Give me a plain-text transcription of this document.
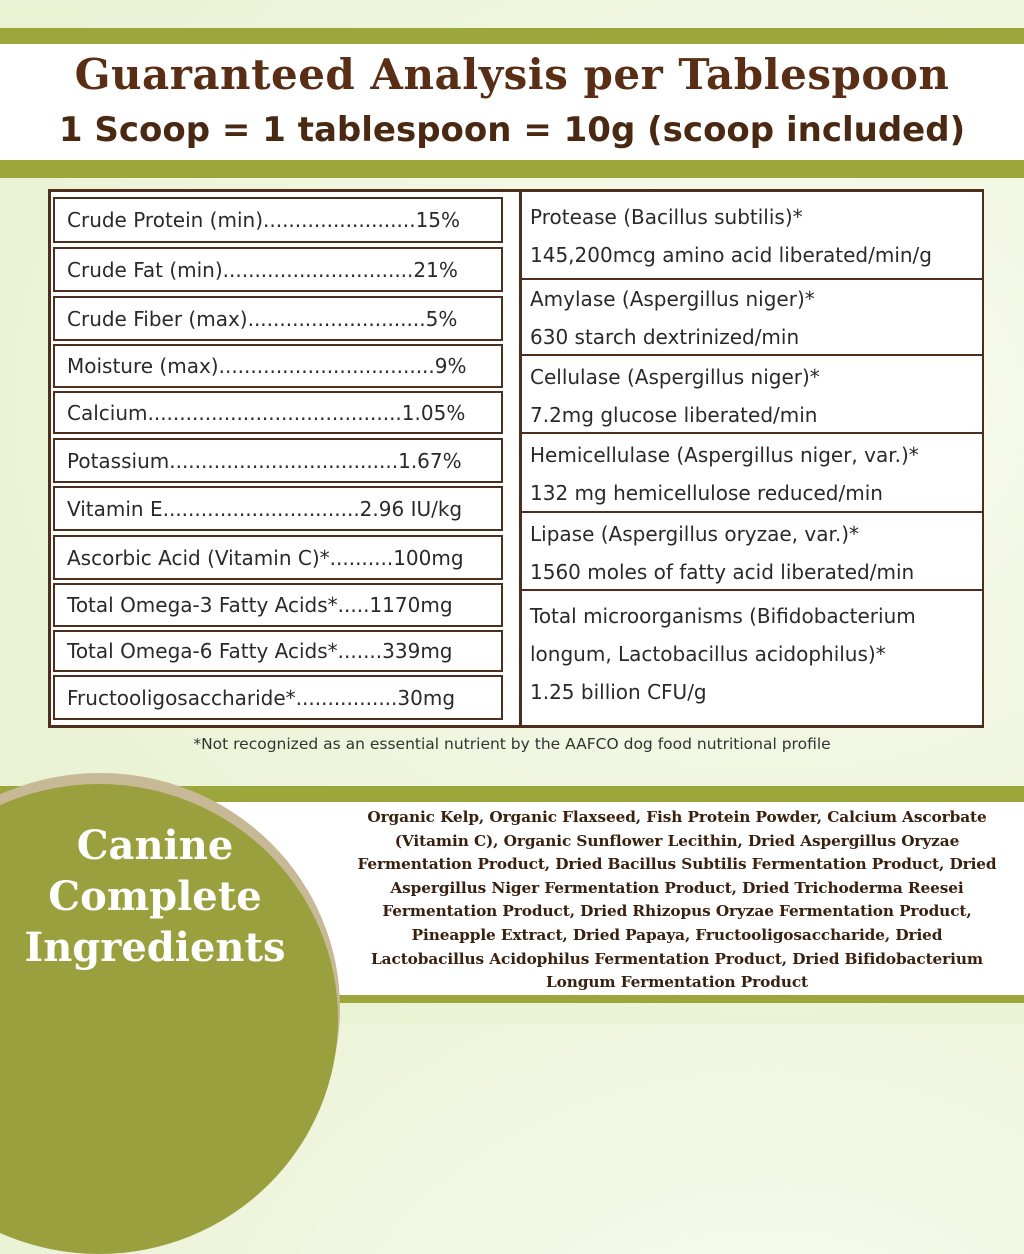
Guaranteed Analysis per Tablespoon
1 Scoop = 1 tablespoon = 10g (scoop included)
Crude Protein (min)........................15%
Crude Fat (min)..............................21%
Crude Fiber (max)............................5%
Moisture (max)..................................9%
Calcium........................................1.05%
Potassium....................................1.67%
Vitamin E...............................2.96 IU/kg
Ascorbic Acid (Vitamin C)*..........100mg
Total Omega-3 Fatty Acids*.....1170mg
Total Omega-6 Fatty Acids*.......339mg
Fructooligosaccharide*................30mg
Protease (Bacillus subtilis)*
145,200mcg amino acid liberated/min/g
Amylase (Aspergillus niger)*
630 starch dextrinized/min
Cellulase (Aspergillus niger)*
7.2mg glucose liberated/min
Hemicellulase (Aspergillus niger, var.)*
132 mg hemicellulose reduced/min
Lipase (Aspergillus oryzae, var.)*
1560 moles of fatty acid liberated/min
Total microorganisms (Bifidobacterium
longum, Lactobacillus acidophilus)*
1.25 billion CFU/g
*Not recognized as an essential nutrient by the AAFCO dog food nutritional profile
Organic Kelp, Organic Flaxseed, Fish Protein Powder, Calcium Ascorbate
(Vitamin C), Organic Sunflower Lecithin, Dried Aspergillus Oryzae
Fermentation Product, Dried Bacillus Subtilis Fermentation Product, Dried
Aspergillus Niger Fermentation Product, Dried Trichoderma Reesei
Fermentation Product, Dried Rhizopus Oryzae Fermentation Product,
Pineapple Extract, Dried Papaya, Fructooligosaccharide, Dried
Lactobacillus Acidophilus Fermentation Product, Dried Bifidobacterium
Longum Fermentation Product
Canine
Complete
Ingredients
